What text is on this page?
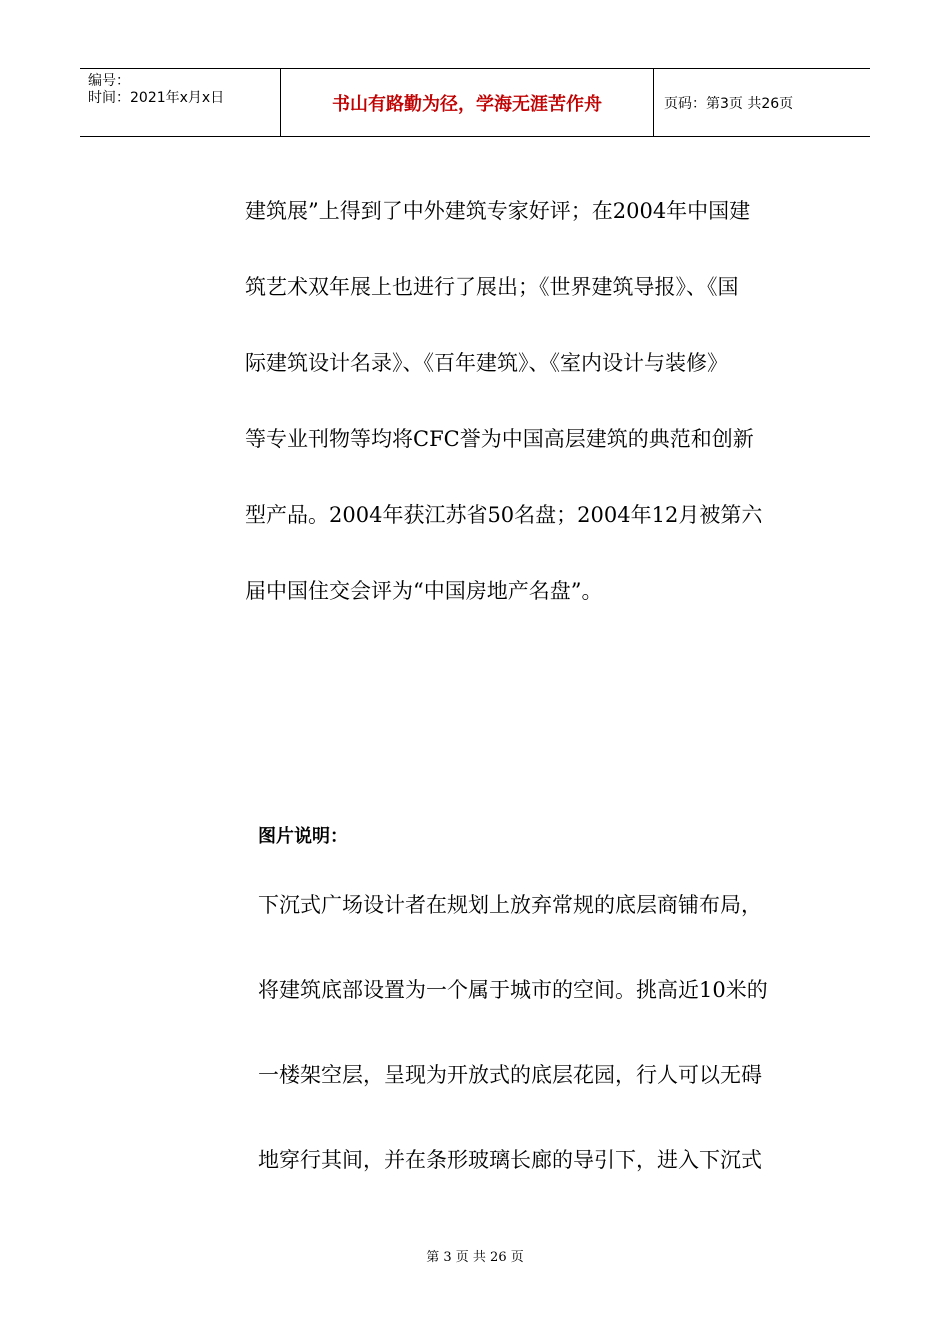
编号：
时间：2021年x月x日	书山有路勤为径，学海无涯苦作舟	页码：第3页 共26页
建筑展”上得到了中外建筑专家好评；在2004年中国建
筑艺术双年展上也进行了展出；《世界建筑导报》、《国
际建筑设计名录》、《百年建筑》、《室内设计与装修》
等专业刊物等均将CFC誉为中国高层建筑的典范和创新
型产品。2004年获江苏省50名盘；2004年12月被第六
届中国住交会评为“中国房地产名盘”。
图片说明：
下沉式广场设计者在规划上放弃常规的底层商铺布局，
将建筑底部设置为一个属于城市的空间。挑高近10米的
一楼架空层，呈现为开放式的底层花园，行人可以无碍
地穿行其间，并在条形玻璃长廊的导引下，进入下沉式
第 3 页 共 26 页
